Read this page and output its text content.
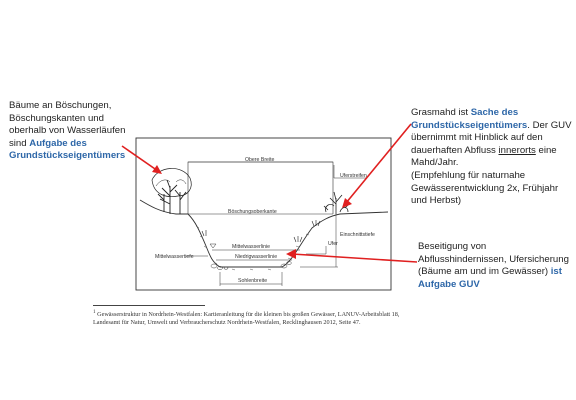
Obere Breite
Uferstreifen
Böschungsoberkante
Einschnittstiefe
Ufer
Mittelwasserlinie
Niedrigwasserlinie
Mittelwassertiefe
Sohlenbreite
Bäume an Böschungen, Böschungskanten und oberhalb von Wasserläufen sind Aufgabe des Grundstückseigentümers
Grasmahd ist Sache des Grundstückseigentümers. Der GUV übernimmt mit Hinblick auf den dauerhaften Abfluss innerorts eine Mahd/Jahr.
(Empfehlung für naturnahe Gewässerentwicklung 2x, Frühjahr und Herbst)
Beseitigung von Abflusshindernissen, Ufersicherung (Bäume am und im Gewässer) ist Aufgabe GUV
$^1$ Gewässerstruktur in Nordrhein-Westfalen: Kartieranleitung für die kleinen bis großen Gewässer, LANUV-Arbeitsblatt 18, Landesamt für Natur, Umwelt und Verbraucherschutz Nordrhein-Westfalen, Recklinghausen 2012, Seite 47.
